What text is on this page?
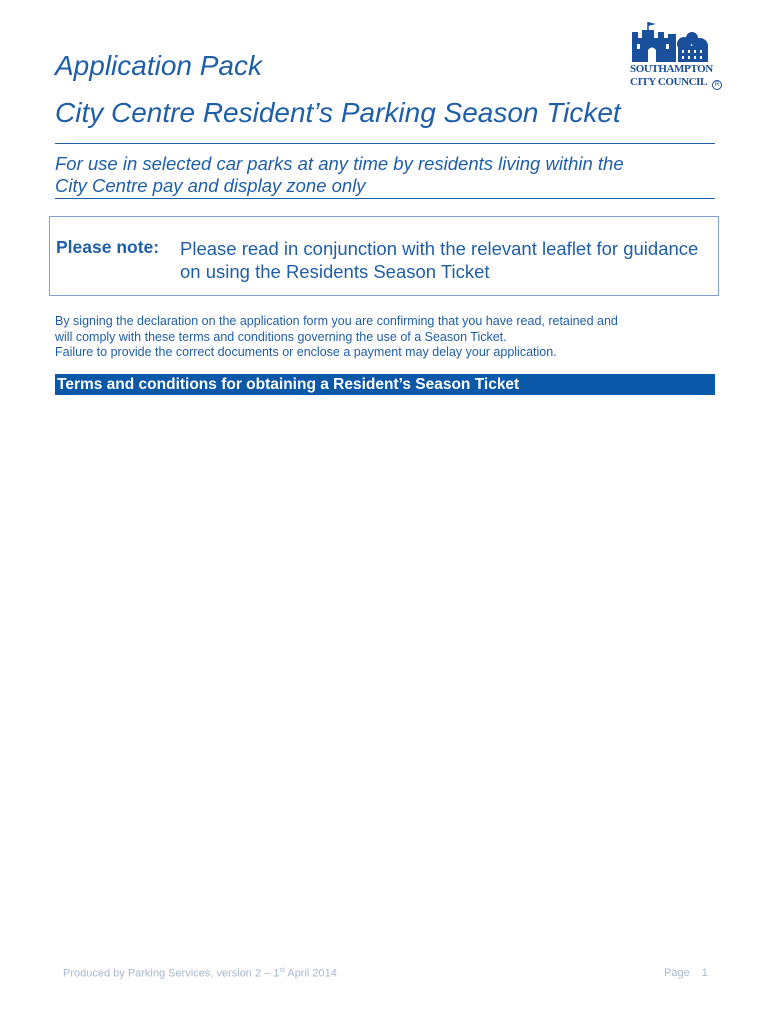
Application Pack
City Centre Resident’s Parking Season Ticket
SOUTHAMPTON
CITY COUNCIL	R
For use in selected car parks at any time by residents living within the
City Centre pay and display zone only
Please note: Please read in conjunction with the relevant leaflet for guidance on using the Residents Season Ticket
By signing the declaration on the application form you are confirming that you have read, retained and
will comply with these terms and conditions governing the use of a Season Ticket.
Failure to provide the correct documents or enclose a payment may delay your application.
Terms and conditions for obtaining a Resident’s Season Ticket
Produced by Parking Services, version 2 – 1st April 2014	Page 1
